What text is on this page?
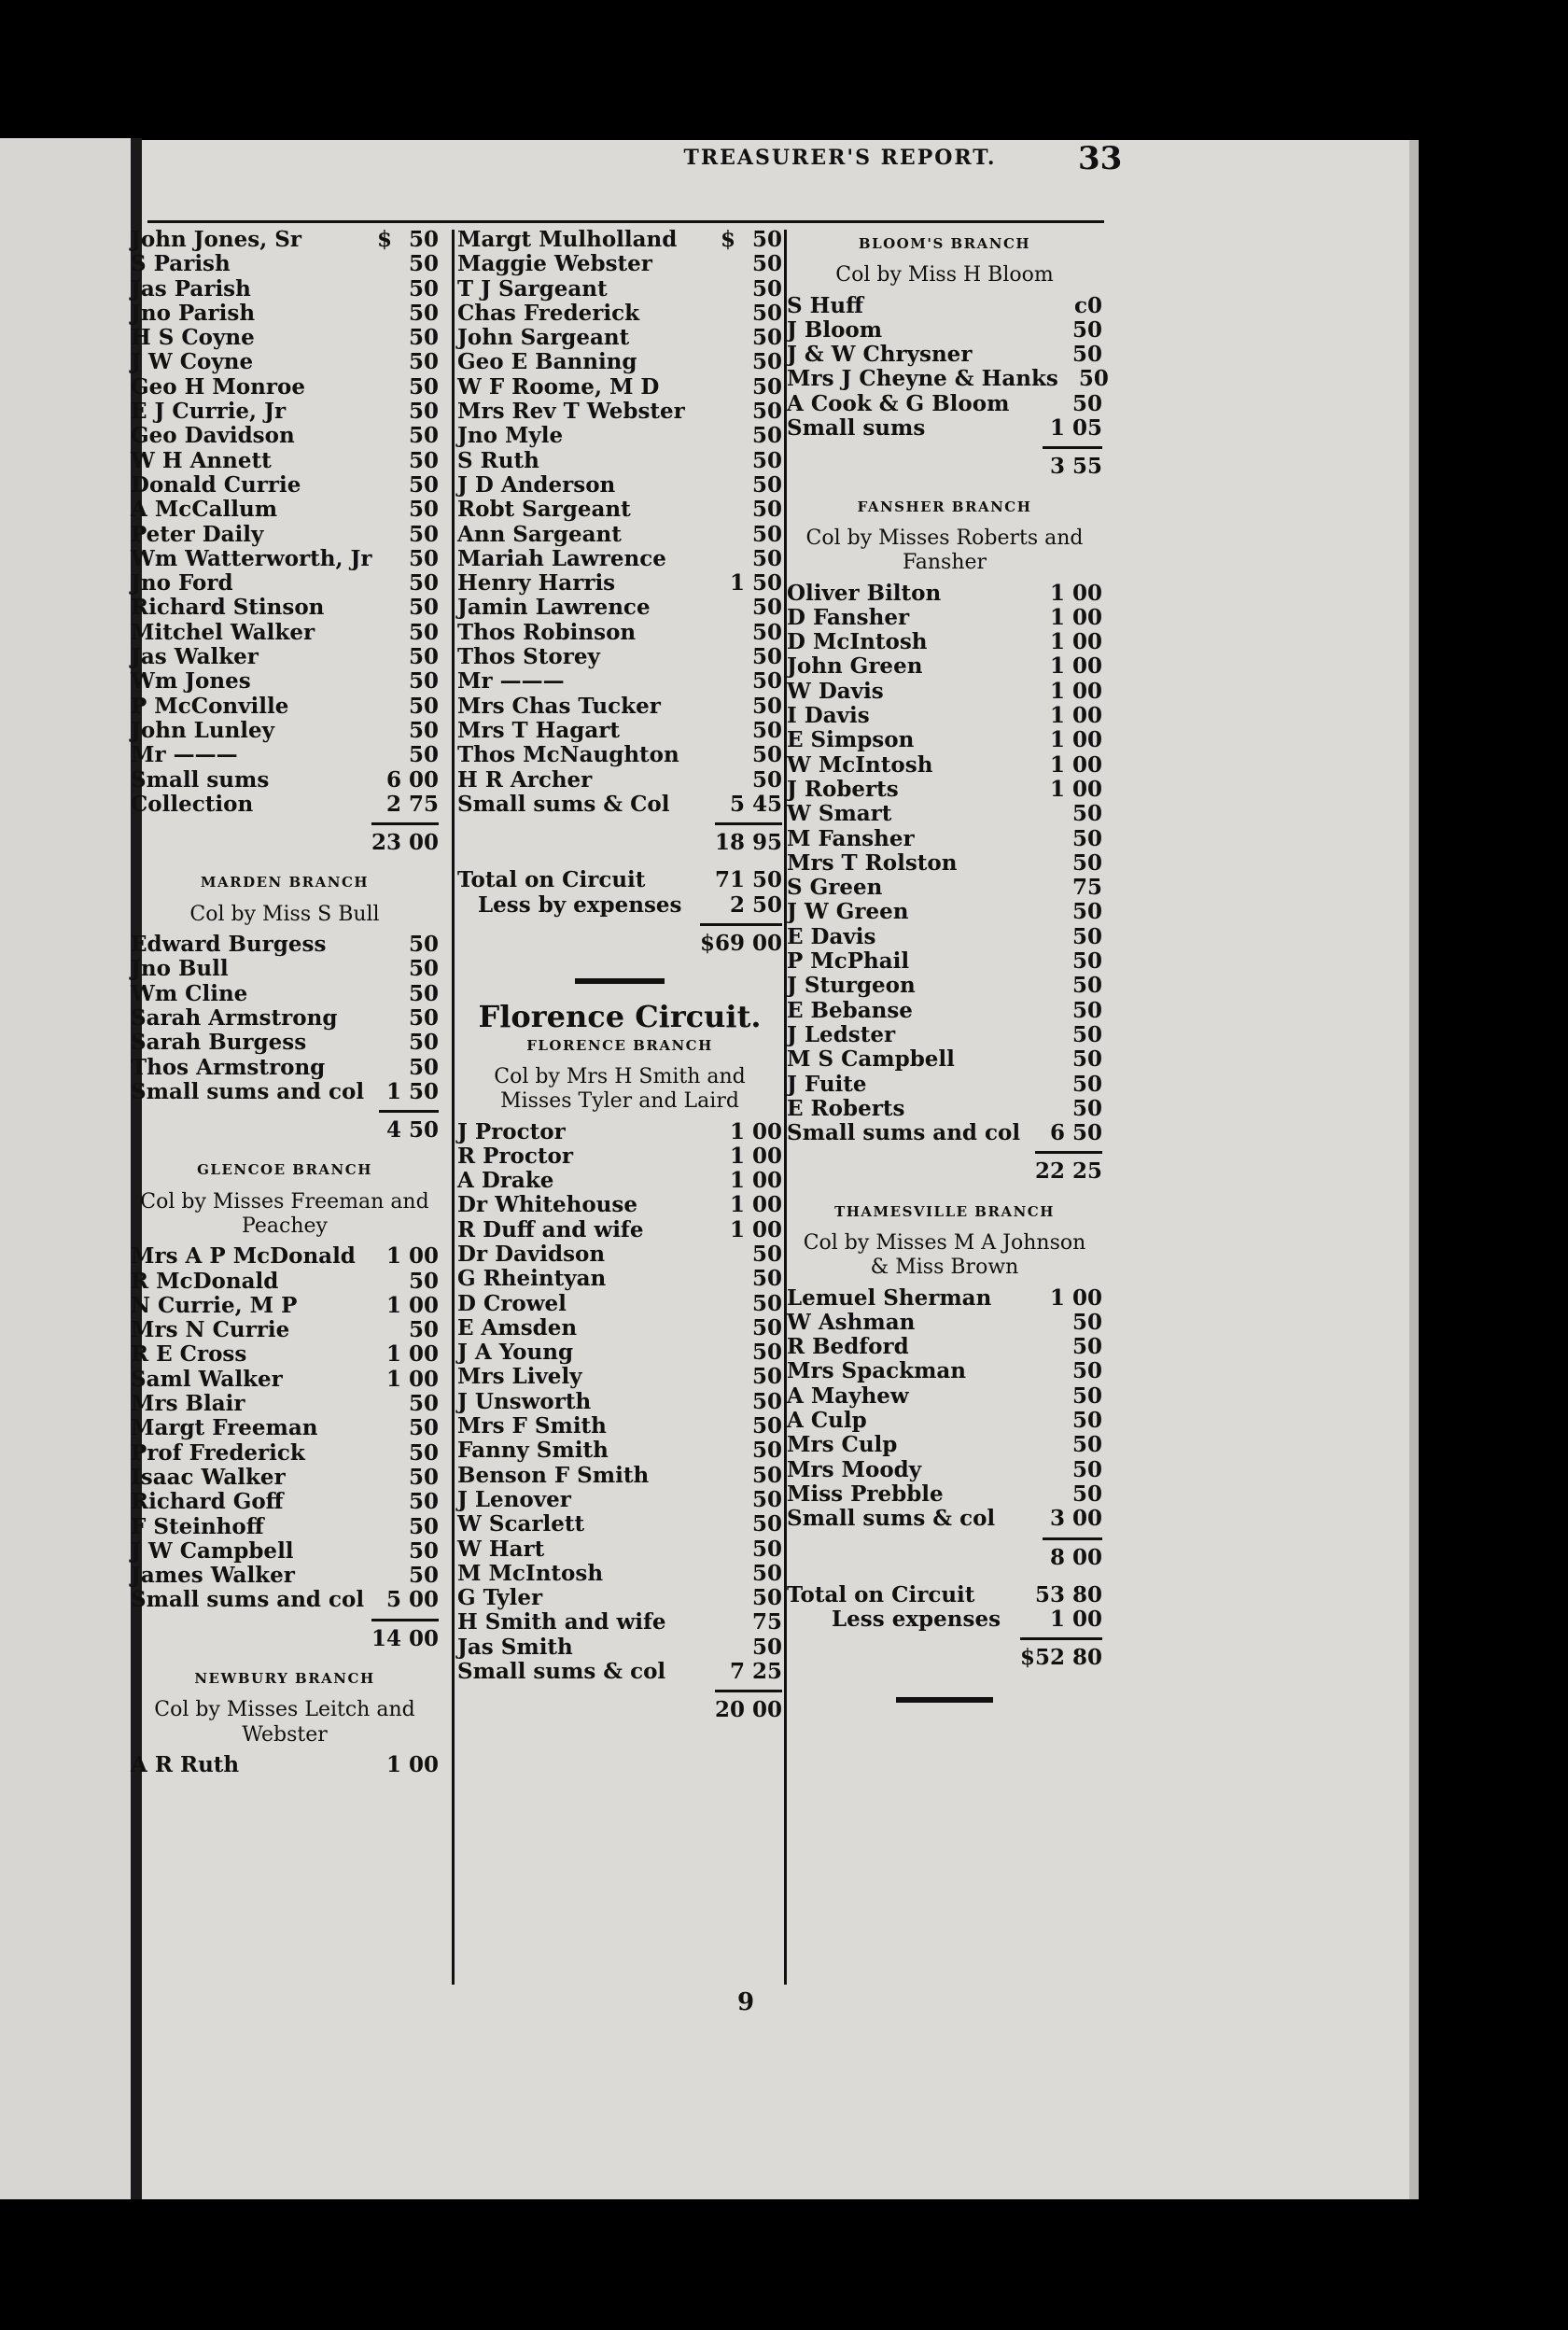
TREASURER'S REPORT.	33
John Jones, Sr	$ 50
S Parish	50
Jas Parish	50
Jno Parish	50
H S Coyne	50
J W Coyne	50
Geo H Monroe	50
E J Currie, Jr	50
Geo Davidson	50
W H Annett	50
Donald Currie	50
A McCallum	50
Peter Daily	50
Wm Watterworth, Jr	50
Jno Ford	50
Richard Stinson	50
Mitchel Walker	50
Jas Walker	50
Wm Jones	50
P McConville	50
John Lunley	50
Mr ———	50
Small sums	6 00
Collection	2 75
23 00
MARDEN BRANCH
Col by Miss S Bull
Edward Burgess	50
Jno Bull	50
Wm Cline	50
Sarah Armstrong	50
Sarah Burgess	50
Thos Armstrong	50
Small sums and col 1 50
4 50
GLENCOE BRANCH
Col by Misses Freeman and
Peachey
Mrs A P McDonald 1 00
R McDonald	50
N Currie, M P	1 00
Mrs N Currie	50
R E Cross	1 00
Saml Walker	1 00
Mrs Blair	50
Margt Freeman	50
Prof Frederick	50
Isaac Walker	50
Richard Goff	50
F Steinhoff	50
J W Campbell	50
James Walker	50
Small sums and col 5 00
14 00
NEWBURY BRANCH
Col by Misses Leitch and
Webster
A R Ruth	1 00
Margt Mulholland $ 50
Maggie Webster	50
T J Sargeant	50
Chas Frederick	50
John Sargeant	50
Geo E Banning	50
W F Roome, M D	50
Mrs Rev T Webster	50
Jno Myle	50
S Ruth	50
J D Anderson	50
Robt Sargeant	50
Ann Sargeant	50
Mariah Lawrence	50
Henry Harris	1 50
Jamin Lawrence	50
Thos Robinson	50
Thos Storey	50
Mr ———	50
Mrs Chas Tucker	50
Mrs T Hagart	50
Thos McNaughton	50
H R Archer	50
Small sums & Col	5 45
18 95
Total on Circuit	71 50
Less by expenses 2 50
$69 00
Florence Circuit.
FLORENCE BRANCH
Col by Mrs H Smith and
Misses Tyler and Laird
J Proctor	1 00
R Proctor	1 00
A Drake	1 00
Dr Whitehouse	1 00
R Duff and wife	1 00
Dr Davidson	50
G Rheintyan	50
D Crowel	50
E Amsden	50
J A Young	50
Mrs Lively	50
J Unsworth	50
Mrs F Smith	50
Fanny Smith	50
Benson F Smith	50
J Lenover	50
W Scarlett	50
W Hart	50
M McIntosh	50
G Tyler	50
H Smith and wife	75
Jas Smith	50
Small sums & col	7 25
20 00
BLOOM'S BRANCH
Col by Miss H Bloom
S Huff	c0
J Bloom	50
J & W Chrysner	50
Mrs J Cheyne & Hanks 50
A Cook & G Bloom	50
Small sums	1 05
3 55
FANSHER BRANCH
Col by Misses Roberts and
Fansher
Oliver Bilton	1 00
D Fansher	1 00
D McIntosh	1 00
John Green	1 00
W Davis	1 00
I Davis	1 00
E Simpson	1 00
W McIntosh	1 00
J Roberts	1 00
W Smart	50
M Fansher	50
Mrs T Rolston	50
S Green	75
J W Green	50
E Davis	50
P McPhail	50
J Sturgeon	50
E Bebanse	50
J Ledster	50
M S Campbell	50
J Fuite	50
E Roberts	50
Small sums and col 6 50
22 25
THAMESVILLE BRANCH
Col by Misses M A Johnson
& Miss Brown
Lemuel Sherman	1 00
W Ashman	50
R Bedford	50
Mrs Spackman	50
A Mayhew	50
A Culp	50
Mrs Culp	50
Mrs Moody	50
Miss Prebble	50
Small sums & col	3 00
8 00
Total on Circuit	53 80
Less expenses 1 00
$52 80
9
